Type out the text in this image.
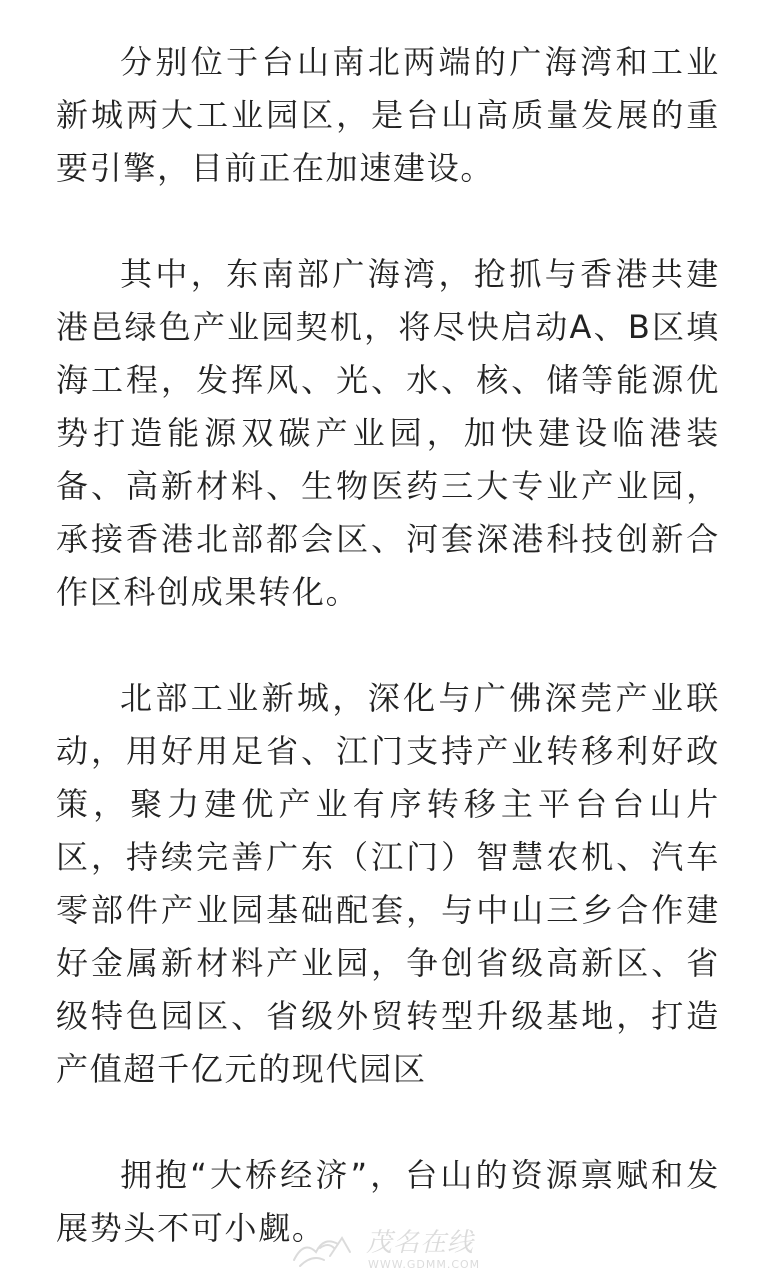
分别位于台山南北两端的广海湾和工业新城两大工业园区，是台山高质量发展的重要引擎，目前正在加速建设。

其中，东南部广海湾，抢抓与香港共建港邑绿色产业园契机，将尽快启动A、B区填海工程，发挥风、光、水、核、储等能源优势打造能源双碳产业园，加快建设临港装备、高新材料、生物医药三大专业产业园，承接香港北部都会区、河套深港科技创新合作区科创成果转化。

北部工业新城，深化与广佛深莞产业联动，用好用足省、江门支持产业转移利好政策，聚力建优产业有序转移主平台台山片区，持续完善广东（江门）智慧农机、汽车零部件产业园基础配套，与中山三乡合作建好金属新材料产业园，争创省级高新区、省级特色园区、省级外贸转型升级基地，打造产值超千亿元的现代园区

拥抱“大桥经济”，台山的资源禀赋和发展势头不可小觑。	茂名在线
WWW.GDMM.COM
